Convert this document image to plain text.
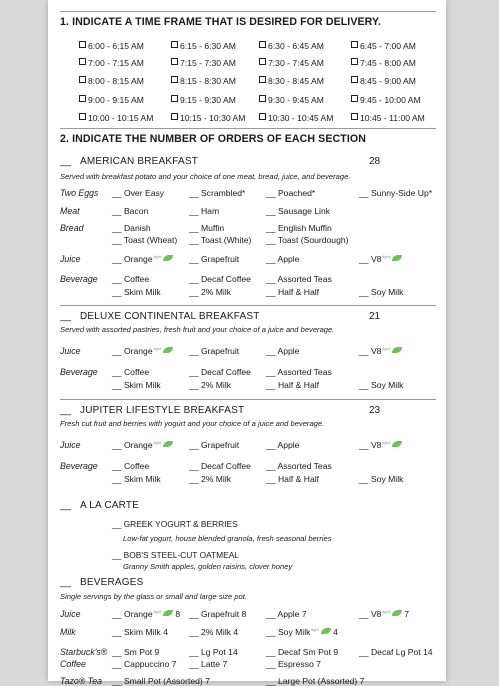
1. INDICATE A TIME FRAME THAT IS DESIRED FOR DELIVERY.
6:00 - 6:15 AM	6:15 - 6:30 AM	6:30 - 6:45 AM	6:45 - 7:00 AM
7:00 - 7:15 AM	7:15 - 7:30 AM	7:30 - 7:45 AM	7:45 - 8:00 AM
8:00 - 8:15 AM	8:15 - 8:30 AM	8:30 - 8:45 AM	8:45 - 9:00 AM
9:00 - 9:15 AM	9:15 - 9:30 AM	9:30 - 9:45 AM	9:45 - 10:00 AM
10:00 - 10:15 AM	10:15 - 10:30 AM	10:30 - 10:45 AM	10:45 - 11:00 AM
2. INDICATE THE NUMBER OF ORDERS OF EACH SECTION
__ AMERICAN BREAKFAST	28
Served with breakfast potato and your choice of one meat, bread, juice, and beverage.
Two Eggs __ Over Easy	__ Scrambled* __ Poached*	__ Sunny-Side Up*
Meat	__ Bacon	__ Ham	__ Sausage Link
Bread	__ Danish	__ Muffin	__ English Muffin
__ Toast (Wheat) __ Toast (White) __ Toast (Sourdough)
Juice	__ Orange$^{light}$	__ Grapefruit	__ Apple	__ $V8^{light}$
Beverage __ Coffee	__ Decaf Coffee __ Assorted Teas
__ Skim Milk	__ 2% Milk	__ Half & Half	__ Soy Milk
__ DELUXE CONTINENTAL BREAKFAST	21
Served with assorted pastries, fresh fruit and your choice of a juice and beverage.
Juice	__ Orange$^{light}$	__ Grapefruit	__ Apple	__ $V8^{light}$
Beverage __ Coffee	__ Decaf Coffee __ Assorted Teas
__ Skim Milk	__ 2% Milk	__ Half & Half	__ Soy Milk
__ JUPITER LIFESTYLE BREAKFAST	23
Fresh cut fruit and berries with yogurt and your choice of a juice and beverage.
Juice	__ Orange$^{light}$	__ Grapefruit	__ Apple	__ $V8^{light}$
Beverage __ Coffee	__ Decaf Coffee __ Assorted Teas
__ Skim Milk	__ 2% Milk	__ Half & Half	__ Soy Milk
__ A LA CARTE
__ GREEK YOGURT & BERRIES
Low-fat yogurt, house blended granola, fresh seasonal berries
__ BOB'S STEEL-CUT OATMEAL
Granny Smith apples, golden raisins, clover honey
__ BEVERAGES
Single servings by the glass or small and large size pot.
Juice	__ Orange$^{light}$ 8 __ Grapefruit 8 __ Apple 7	__ $V8^{light}$ 7
Milk	__ Skim Milk 4 __ 2% Milk 4	__ Soy Milk$^{light}$ 4
Starbuck's®
Coffee
__ Sm Pot 9	__ Lg Pot 14	__ Decaf Sm Pot 9 __ Decaf Lg Pot 14
__ Cappuccino 7 __ Latte 7	__ Espresso 7
Tazo® Tea __ Small Pot (Assorted) 7	__ Large Pot (Assorted) 7
